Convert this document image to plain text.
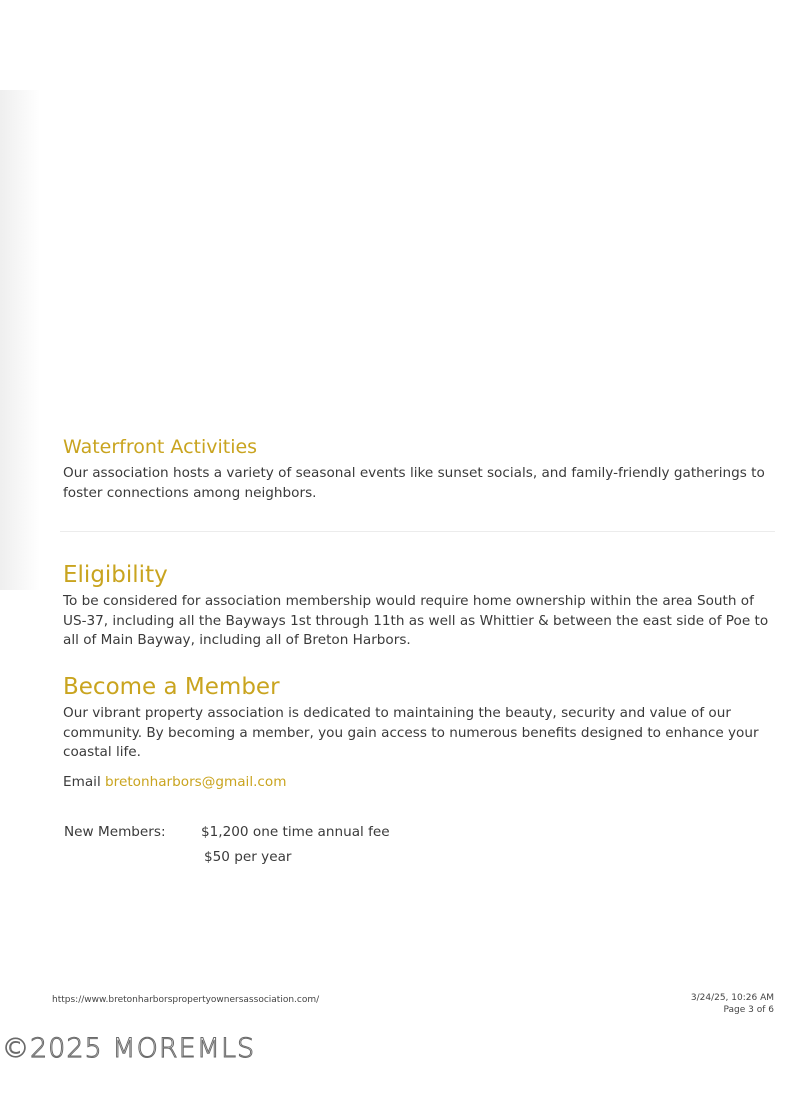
Waterfront Activities

Our association hosts a variety of seasonal events like sunset socials, and family-friendly gatherings to foster connections among neighbors.

Eligibility

To be considered for association membership would require home ownership within the area South of US-37, including all the Bayways 1st through 11th as well as Whittier & between the east side of Poe to all of Main Bayway, including all of Breton Harbors.

Become a Member

Our vibrant property association is dedicated to maintaining the beauty, security and value of our community. By becoming a member, you gain access to numerous benefits designed to enhance your coastal life.

Email bretonharbors@gmail.com
New Members:	$1,200 one time annual fee
$50 per year
https://www.bretonharborspropertyownersassociation.com/	3/24/25, 10:26 AM
Page 3 of 6
©2025 MOREMLS
